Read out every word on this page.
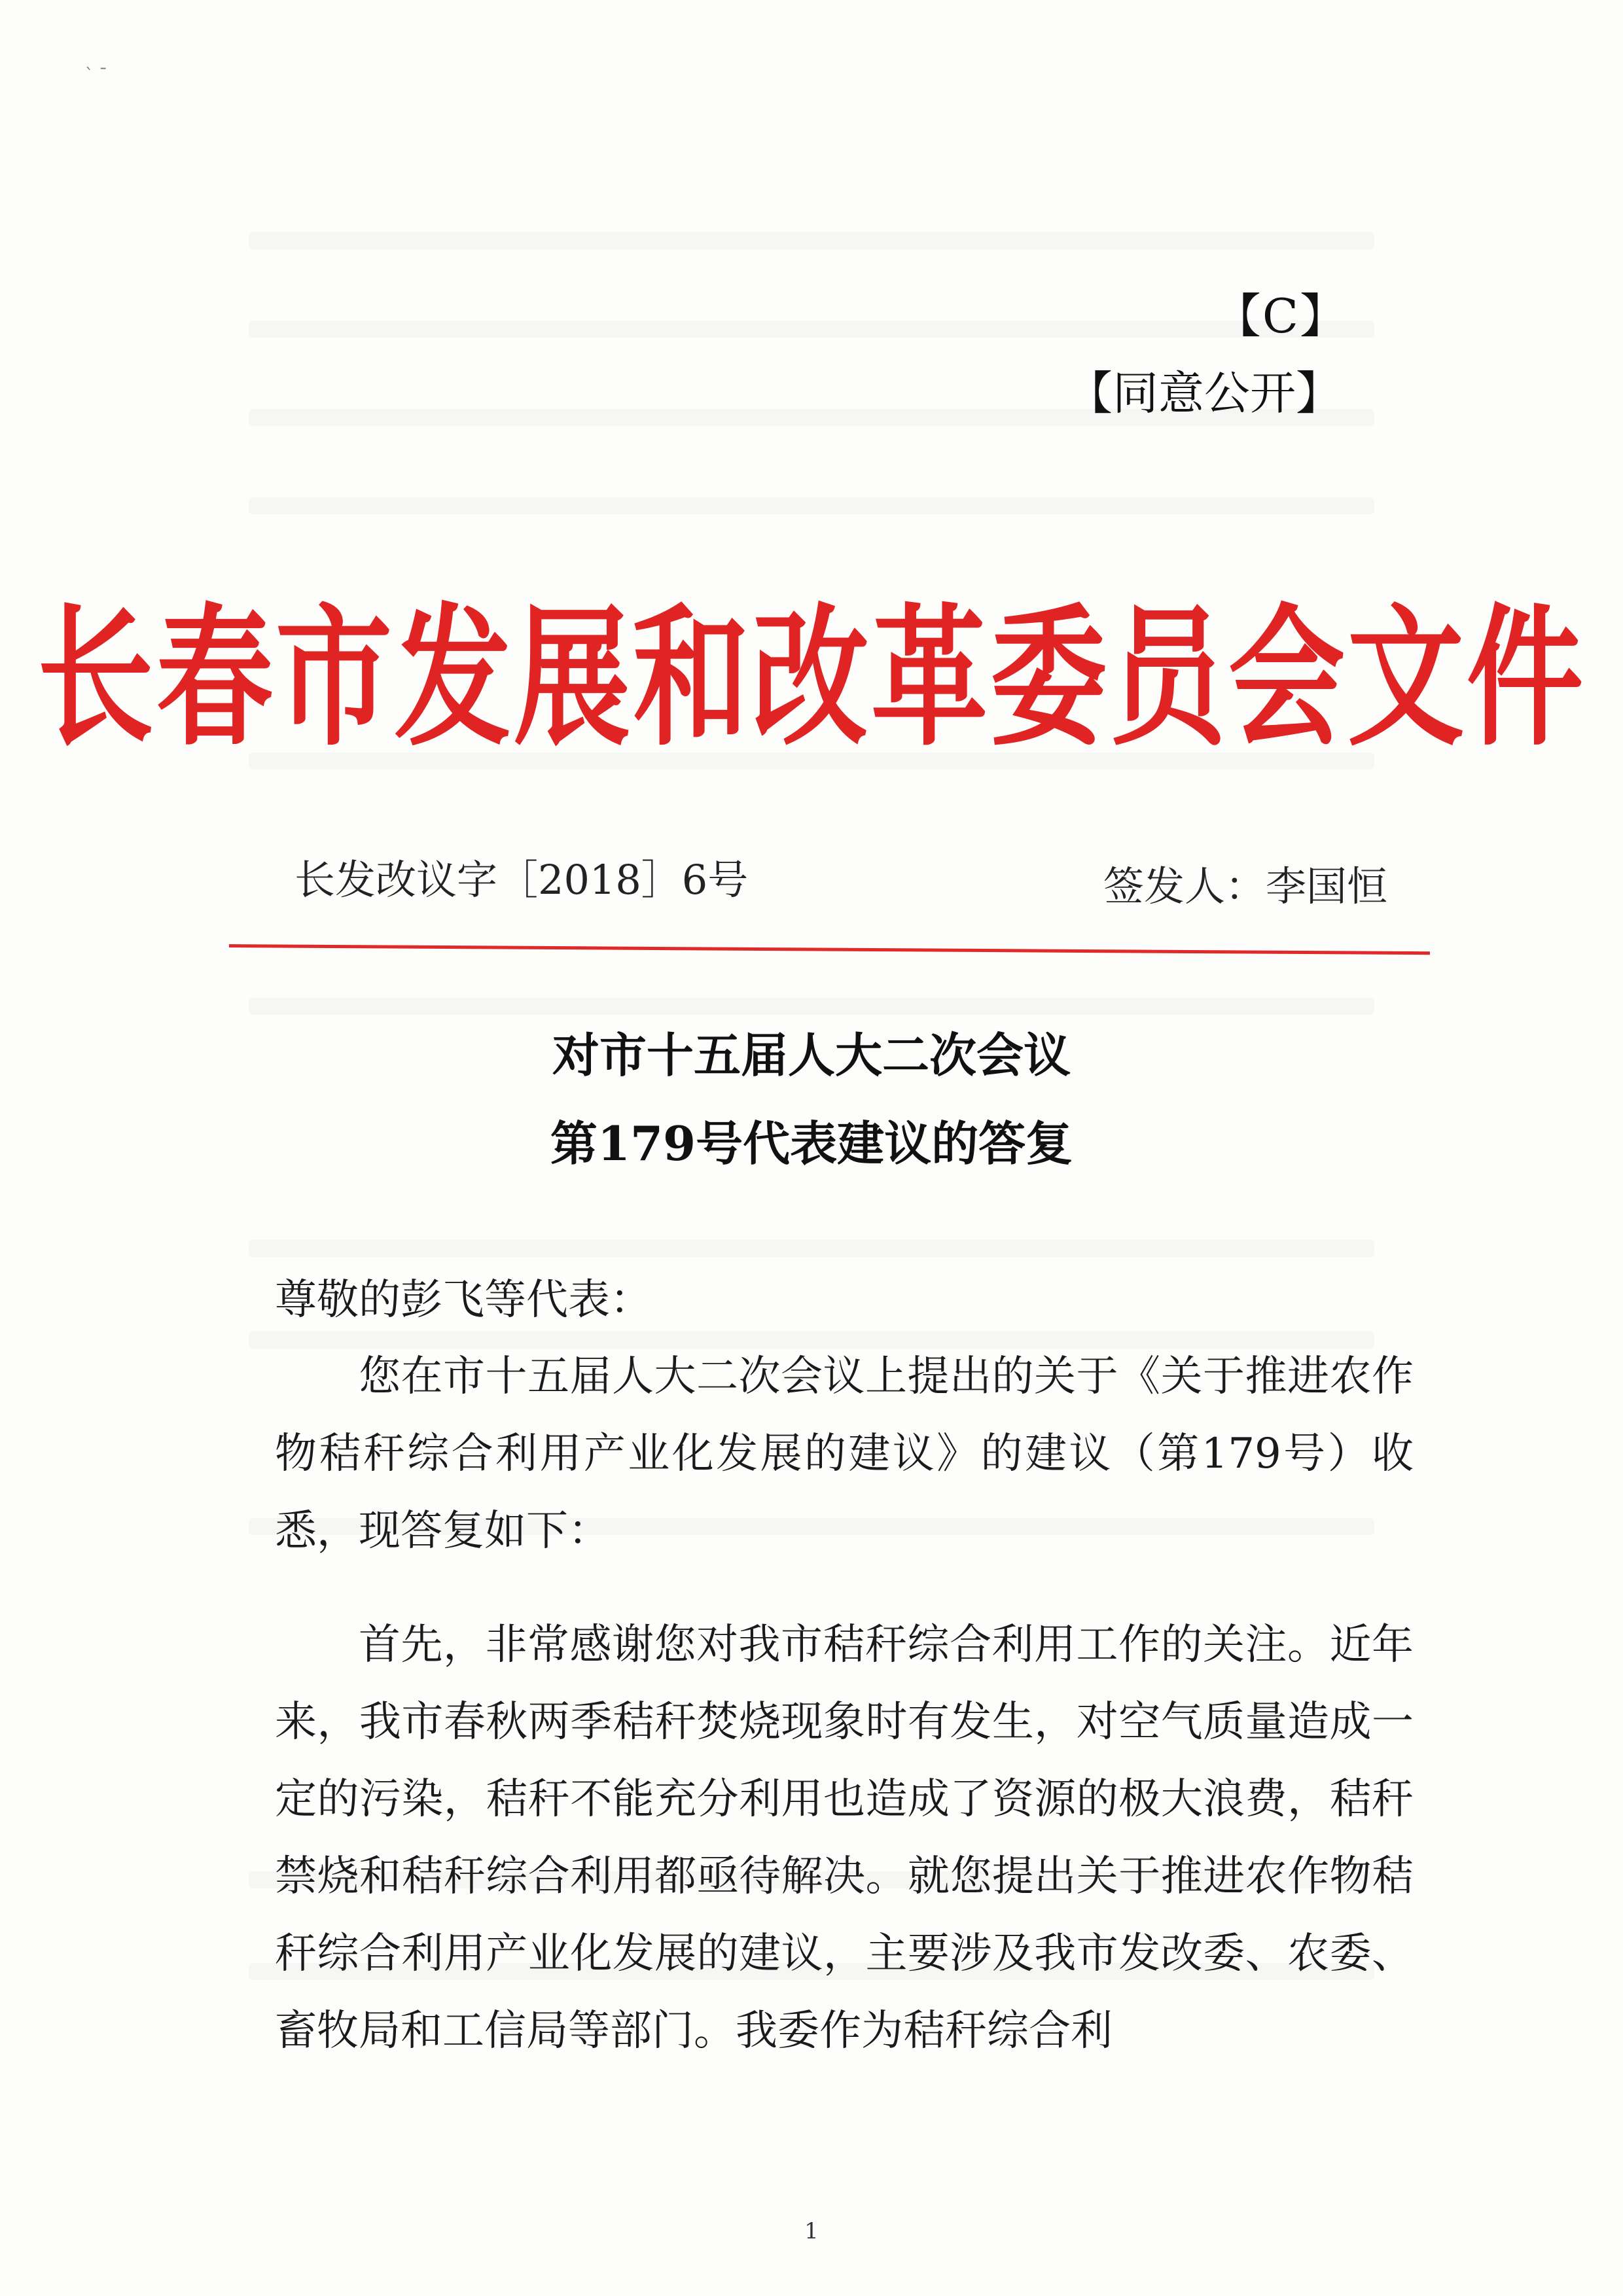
ˋ ˉ
【C】
【同意公开】
长春市发展和改革委员会文件
长发改议字［2018］6号	签发人：李国恒
对市十五届人大二次会议
第179号代表建议的答复
尊敬的彭飞等代表：
您在市十五届人大二次会议上提出的关于《关于推进农作物秸秆综合利用产业化发展的建议》的建议（第179号）收悉，现答复如下：
首先，非常感谢您对我市秸秆综合利用工作的关注。近年来，我市春秋两季秸秆焚烧现象时有发生，对空气质量造成一定的污染，秸秆不能充分利用也造成了资源的极大浪费，秸秆禁烧和秸秆综合利用都亟待解决。就您提出关于推进农作物秸秆综合利用产业化发展的建议，主要涉及我市发改委、农委、畜牧局和工信局等部门。我委作为秸秆综合利
1
